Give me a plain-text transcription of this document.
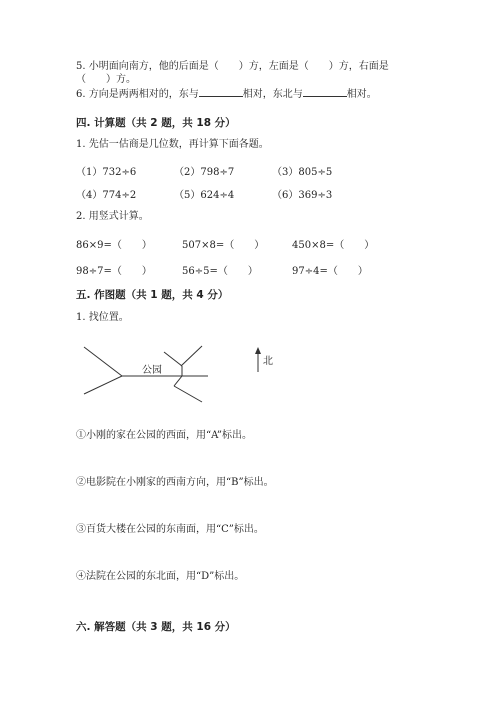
5. 小明面向南方，他的后面是（　　）方，左面是（　　）方，右面是
（　　）方。
6. 方向是两两相对的，东与	相对，东北与	相对。
四. 计算题（共 2 题，共 18 分）
1. 先估一估商是几位数，再计算下面各题。
（1）732÷6	（2）798÷7	（3）805÷5
（4）774÷2	（5）624÷4	（6）369÷3
2. 用竖式计算。
86×9=（　　）	507×8=（　　）	450×8=（　　）
98÷7=（　　）	56÷5=（　　）	97÷4=（　　）
五. 作图题（共 1 题，共 4 分）
1. 找位置。
公园
北
①小刚的家在公园的西面，用“A”标出。
②电影院在小刚家的西南方向，用“B”标出。
③百货大楼在公园的东南面，用“C”标出。
④法院在公园的东北面，用“D”标出。
六. 解答题（共 3 题，共 16 分）
